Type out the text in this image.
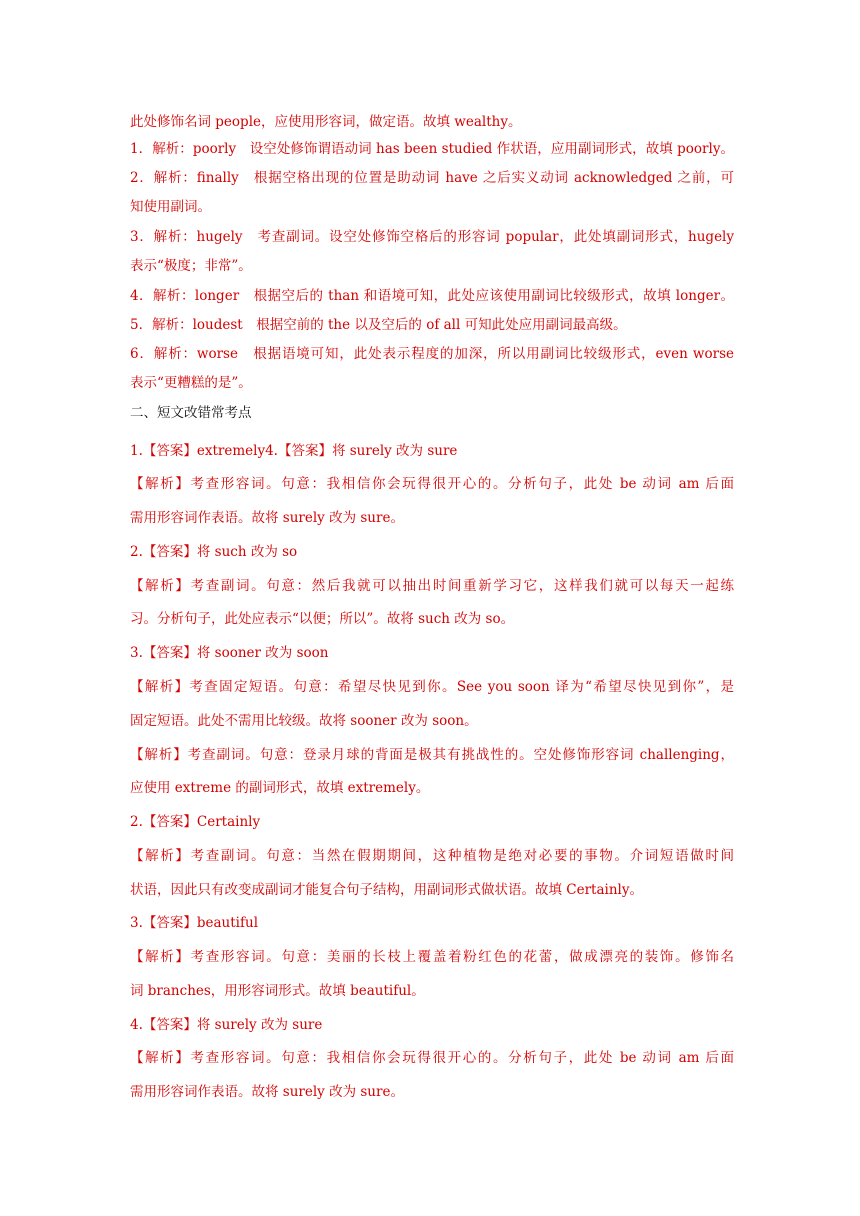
此处修饰名词 people，应使用形容词，做定语。故填 wealthy。
1．解析：poorly　设空处修饰谓语动词 has been studied 作状语，应用副词形式，故填 poorly。
2．解析：finally　根据空格出现的位置是助动词 have 之后实义动词 acknowledged 之前，可
知使用副词。
3．解析：hugely　考查副词。设空处修饰空格后的形容词 popular，此处填副词形式，hugely
表示“极度；非常”。
4．解析：longer　根据空后的 than 和语境可知，此处应该使用副词比较级形式，故填 longer。
5．解析：loudest　根据空前的 the 以及空后的 of all 可知此处应用副词最高级。
6．解析：worse　根据语境可知，此处表示程度的加深，所以用副词比较级形式，even worse
表示“更糟糕的是”。
二、短文改错常考点
1.【答案】extremely4.【答案】将 surely 改为 sure
【解析】考查形容词。句意：我相信你会玩得很开心的。分析句子，此处 be 动词 am 后面
需用形容词作表语。故将 surely 改为 sure。
2.【答案】将 such 改为 so
【解析】考查副词。句意：然后我就可以抽出时间重新学习它，这样我们就可以每天一起练
习。分析句子，此处应表示“以便；所以”。故将 such 改为 so。
3.【答案】将 sooner 改为 soon
【解析】考查固定短语。句意：希望尽快见到你。See you soon 译为“希望尽快见到你”，是
固定短语。此处不需用比较级。故将 sooner 改为 soon。
【解析】考查副词。句意：登录月球的背面是极其有挑战性的。空处修饰形容词 challenging，
应使用 extreme 的副词形式，故填 extremely。
2.【答案】Certainly
【解析】考查副词。句意：当然在假期期间，这种植物是绝对必要的事物。介词短语做时间
状语，因此只有改变成副词才能复合句子结构，用副词形式做状语。故填 Certainly。
3.【答案】beautiful
【解析】考查形容词。句意：美丽的长枝上覆盖着粉红色的花蕾，做成漂亮的装饰。修饰名
词 branches，用形容词形式。故填 beautiful。
4.【答案】将 surely 改为 sure
【解析】考查形容词。句意：我相信你会玩得很开心的。分析句子，此处 be 动词 am 后面
需用形容词作表语。故将 surely 改为 sure。
